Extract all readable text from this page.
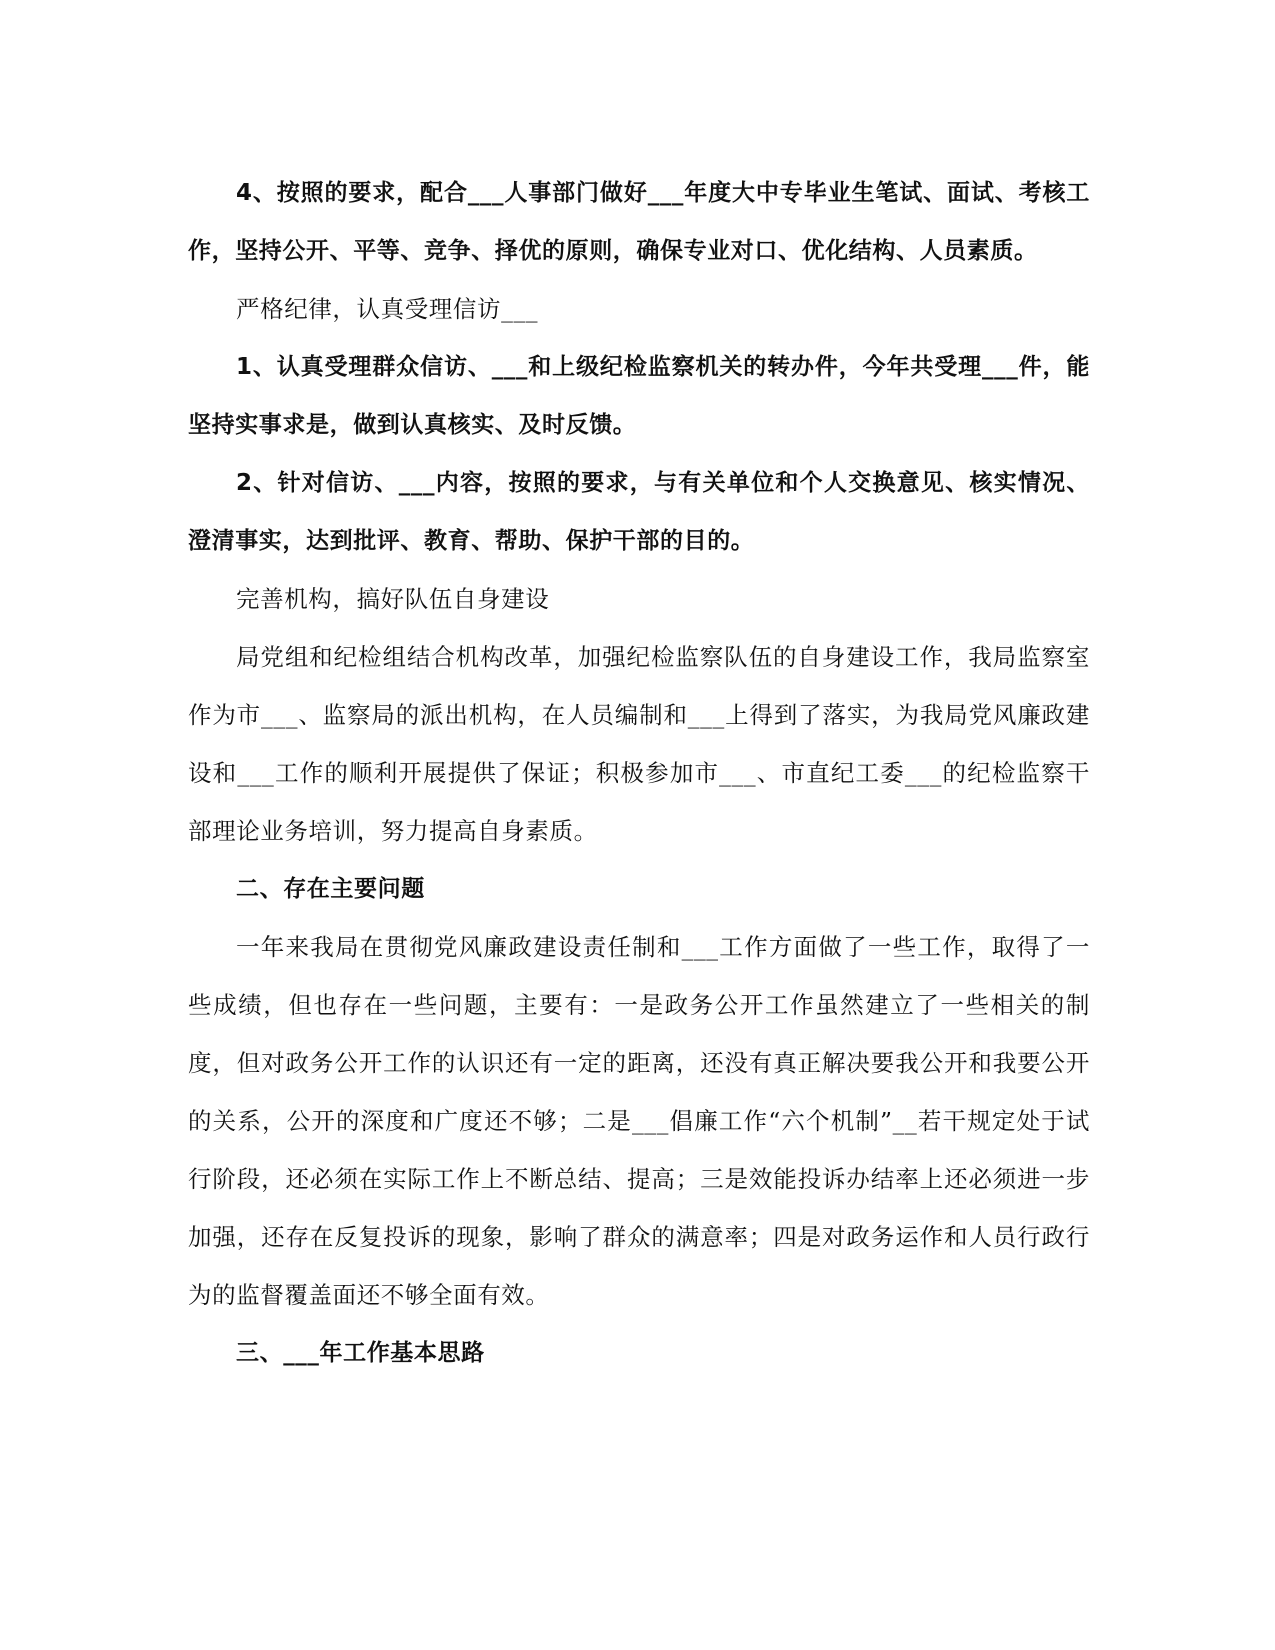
4、按照的要求，配合___人事部门做好___年度大中专毕业生笔试、面试、考核工作，坚持公开、平等、竞争、择优的原则，确保专业对口、优化结构、人员素质。

严格纪律，认真受理信访___

1、认真受理群众信访、___和上级纪检监察机关的转办件，今年共受理___件，能坚持实事求是，做到认真核实、及时反馈。

2、针对信访、___内容，按照的要求，与有关单位和个人交换意见、核实情况、澄清事实，达到批评、教育、帮助、保护干部的目的。

完善机构，搞好队伍自身建设

局党组和纪检组结合机构改革，加强纪检监察队伍的自身建设工作，我局监察室作为市___、监察局的派出机构，在人员编制和___上得到了落实，为我局党风廉政建设和___工作的顺利开展提供了保证；积极参加市___、市直纪工委___的纪检监察干部理论业务培训，努力提高自身素质。

二、存在主要问题

一年来我局在贯彻党风廉政建设责任制和___工作方面做了一些工作，取得了一些成绩，但也存在一些问题，主要有：一是政务公开工作虽然建立了一些相关的制度，但对政务公开工作的认识还有一定的距离，还没有真正解决要我公开和我要公开的关系，公开的深度和广度还不够；二是___倡廉工作“六个机制”__若干规定处于试行阶段，还必须在实际工作上不断总结、提高；三是效能投诉办结率上还必须进一步加强，还存在反复投诉的现象，影响了群众的满意率；四是对政务运作和人员行政行为的监督覆盖面还不够全面有效。

三、___年工作基本思路
